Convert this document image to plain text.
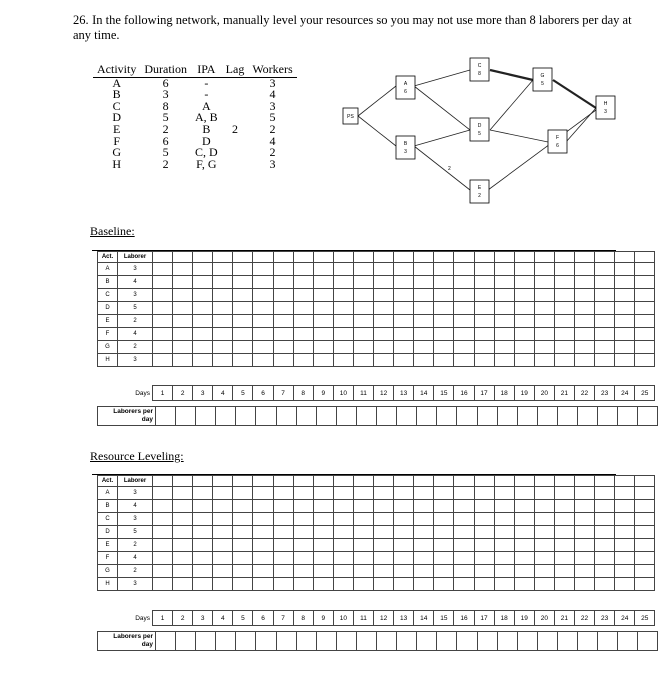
26. In the following network, manually level your resources so you may not use more than 8 laborers per day at any time.
Activity	Duration	IPA	Lag	Workers
A	6	-		3
B	3	-		4
C	8	A		3
D	5	A, B		5
E	2	B	2	2
F	6	D		4
G	5	C, D		2
H	2	F, G		3
PS
2
A
6
B
3
C
8
D
5
E
2
F
6
G
5
H
3
Baseline:
Act.	Laborer																									
A	3																									
B	4																									
C	3																									
D	5																									
E	2																									
F	4																									
G	2																									
H	3																									
Days	1	2	3	4	5	6	7	8	9	10	11	12	13	14	15	16	17	18	19	20	21	22	23	24	25
Laborers per
day

Resource Leveling:
Act.	Laborer																									
A	3																									
B	4																									
C	3																									
D	5																									
E	2																									
F	4																									
G	2																									
H	3																									
Days	1	2	3	4	5	6	7	8	9	10	11	12	13	14	15	16	17	18	19	20	21	22	23	24	25
Laborers per
day
